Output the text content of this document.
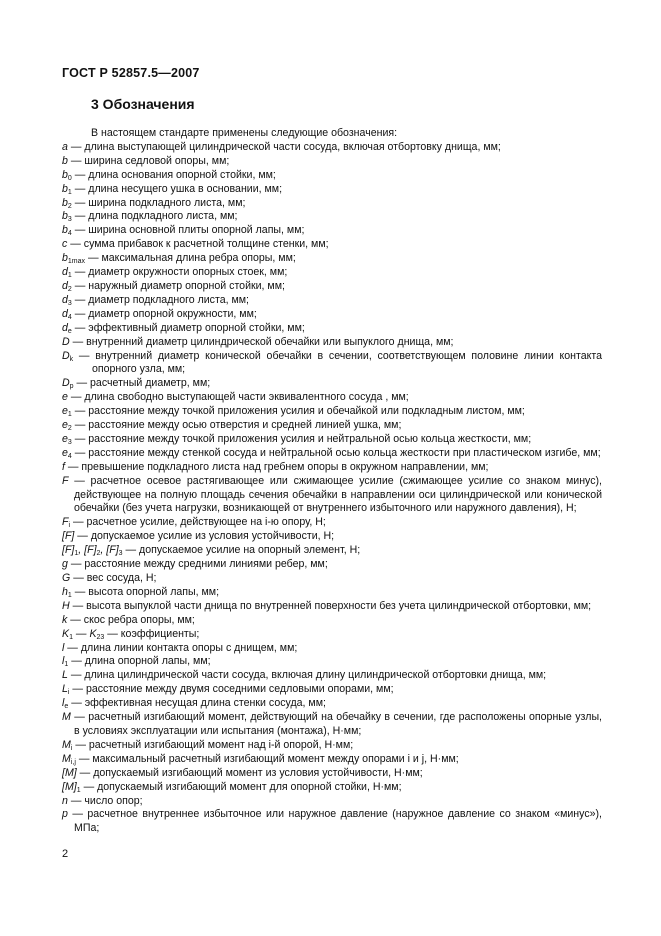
ГОСТ Р 52857.5—2007
3 Обозначения

В настоящем стандарте применены следующие обозначения:

a — длина выступающей цилиндрической части сосуда, включая отбортовку днища, мм;
b — ширина седловой опоры, мм;
$b_0$ — длина основания опорной стойки, мм;
$b_1$ — длина несущего ушка в основании, мм;
$b_2$ — ширина подкладного листа, мм;
$b_3$ — длина подкладного листа, мм;
$b_4$ — ширина основной плиты опорной лапы, мм;
c — сумма прибавок к расчетной толщине стенки, мм;
$b_{1max}$ — максимальная длина ребра опоры, мм;
$d_1$ — диаметр окружности опорных стоек, мм;
$d_2$ — наружный диаметр опорной стойки, мм;
$d_3$ — диаметр подкладного листа, мм;
$d_4$ — диаметр опорной окружности, мм;
$d_e$ — эффективный диаметр опорной стойки, мм;
D — внутренний диаметр цилиндрической обечайки или выпуклого днища, мм;
$D_k$ — внутренний диаметр конической обечайки в сечении, соответствующем половине линии контакта опорного узла, мм;
$D_p$ — расчетный диаметр, мм;
e — длина свободно выступающей части эквивалентного сосуда , мм;
$e_1$ — расстояние между точкой приложения усилия и обечайкой или подкладным листом, мм;
$e_2$ — расстояние между осью отверстия и средней линией ушка, мм;
$e_3$ — расстояние между точкой приложения усилия и нейтральной осью кольца жесткости, мм;
$e_4$ — расстояние между стенкой сосуда и нейтральной осью кольца жесткости при пластическом изгибе, мм;
f — превышение подкладного листа над гребнем опоры в окружном направлении, мм;
F — расчетное осевое растягивающее или сжимающее усилие (сжимающее усилие со знаком минус), действующее на полную площадь сечения обечайки в направлении оси цилиндрической или конической обечайки (без учета нагрузки, возникающей от внутреннего избыточного или наружного давления), Н;
$F_i$ — расчетное усилие, действующее на i-ю опору, Н;
[F] — допускаемое усилие из условия устойчивости, Н;
$[F]_1$, $[F]_2$, $[F]_3$ — допускаемое усилие на опорный элемент, Н;
g — расстояние между средними линиями ребер, мм;
G — вес сосуда, Н;
$h_1$ — высота опорной лапы, мм;
H — высота выпуклой части днища по внутренней поверхности без учета цилиндрической отбортовки, мм;
k — скос ребра опоры, мм;
$K_1$ — $K_{23}$ — коэффициенты;
l — длина линии контакта опоры с днищем, мм;
$l_1$ — длина опорной лапы, мм;
L — длина цилиндрической части сосуда, включая длину цилиндрической отбортовки днища, мм;
$L_i$ — расстояние между двумя соседними седловыми опорами, мм;
$l_e$ — эффективная несущая длина стенки сосуда, мм;
M — расчетный изгибающий момент, действующий на обечайку в сечении, где расположены опорные узлы, в условиях эксплуатации или испытания (монтажа), Н·мм;
$M_i$ — расчетный изгибающий момент над i-й опорой, Н·мм;
$M_{i,j}$ — максимальный расчетный изгибающий момент между опорами i и j, Н·мм;
[M] — допускаемый изгибающий момент из условия устойчивости, Н·мм;
$[M]_1$ — допускаемый изгибающий момент для опорной стойки, Н·мм;
n — число опор;
p — расчетное внутреннее избыточное или наружное давление (наружное давление со знаком «минус»), МПа;
2
